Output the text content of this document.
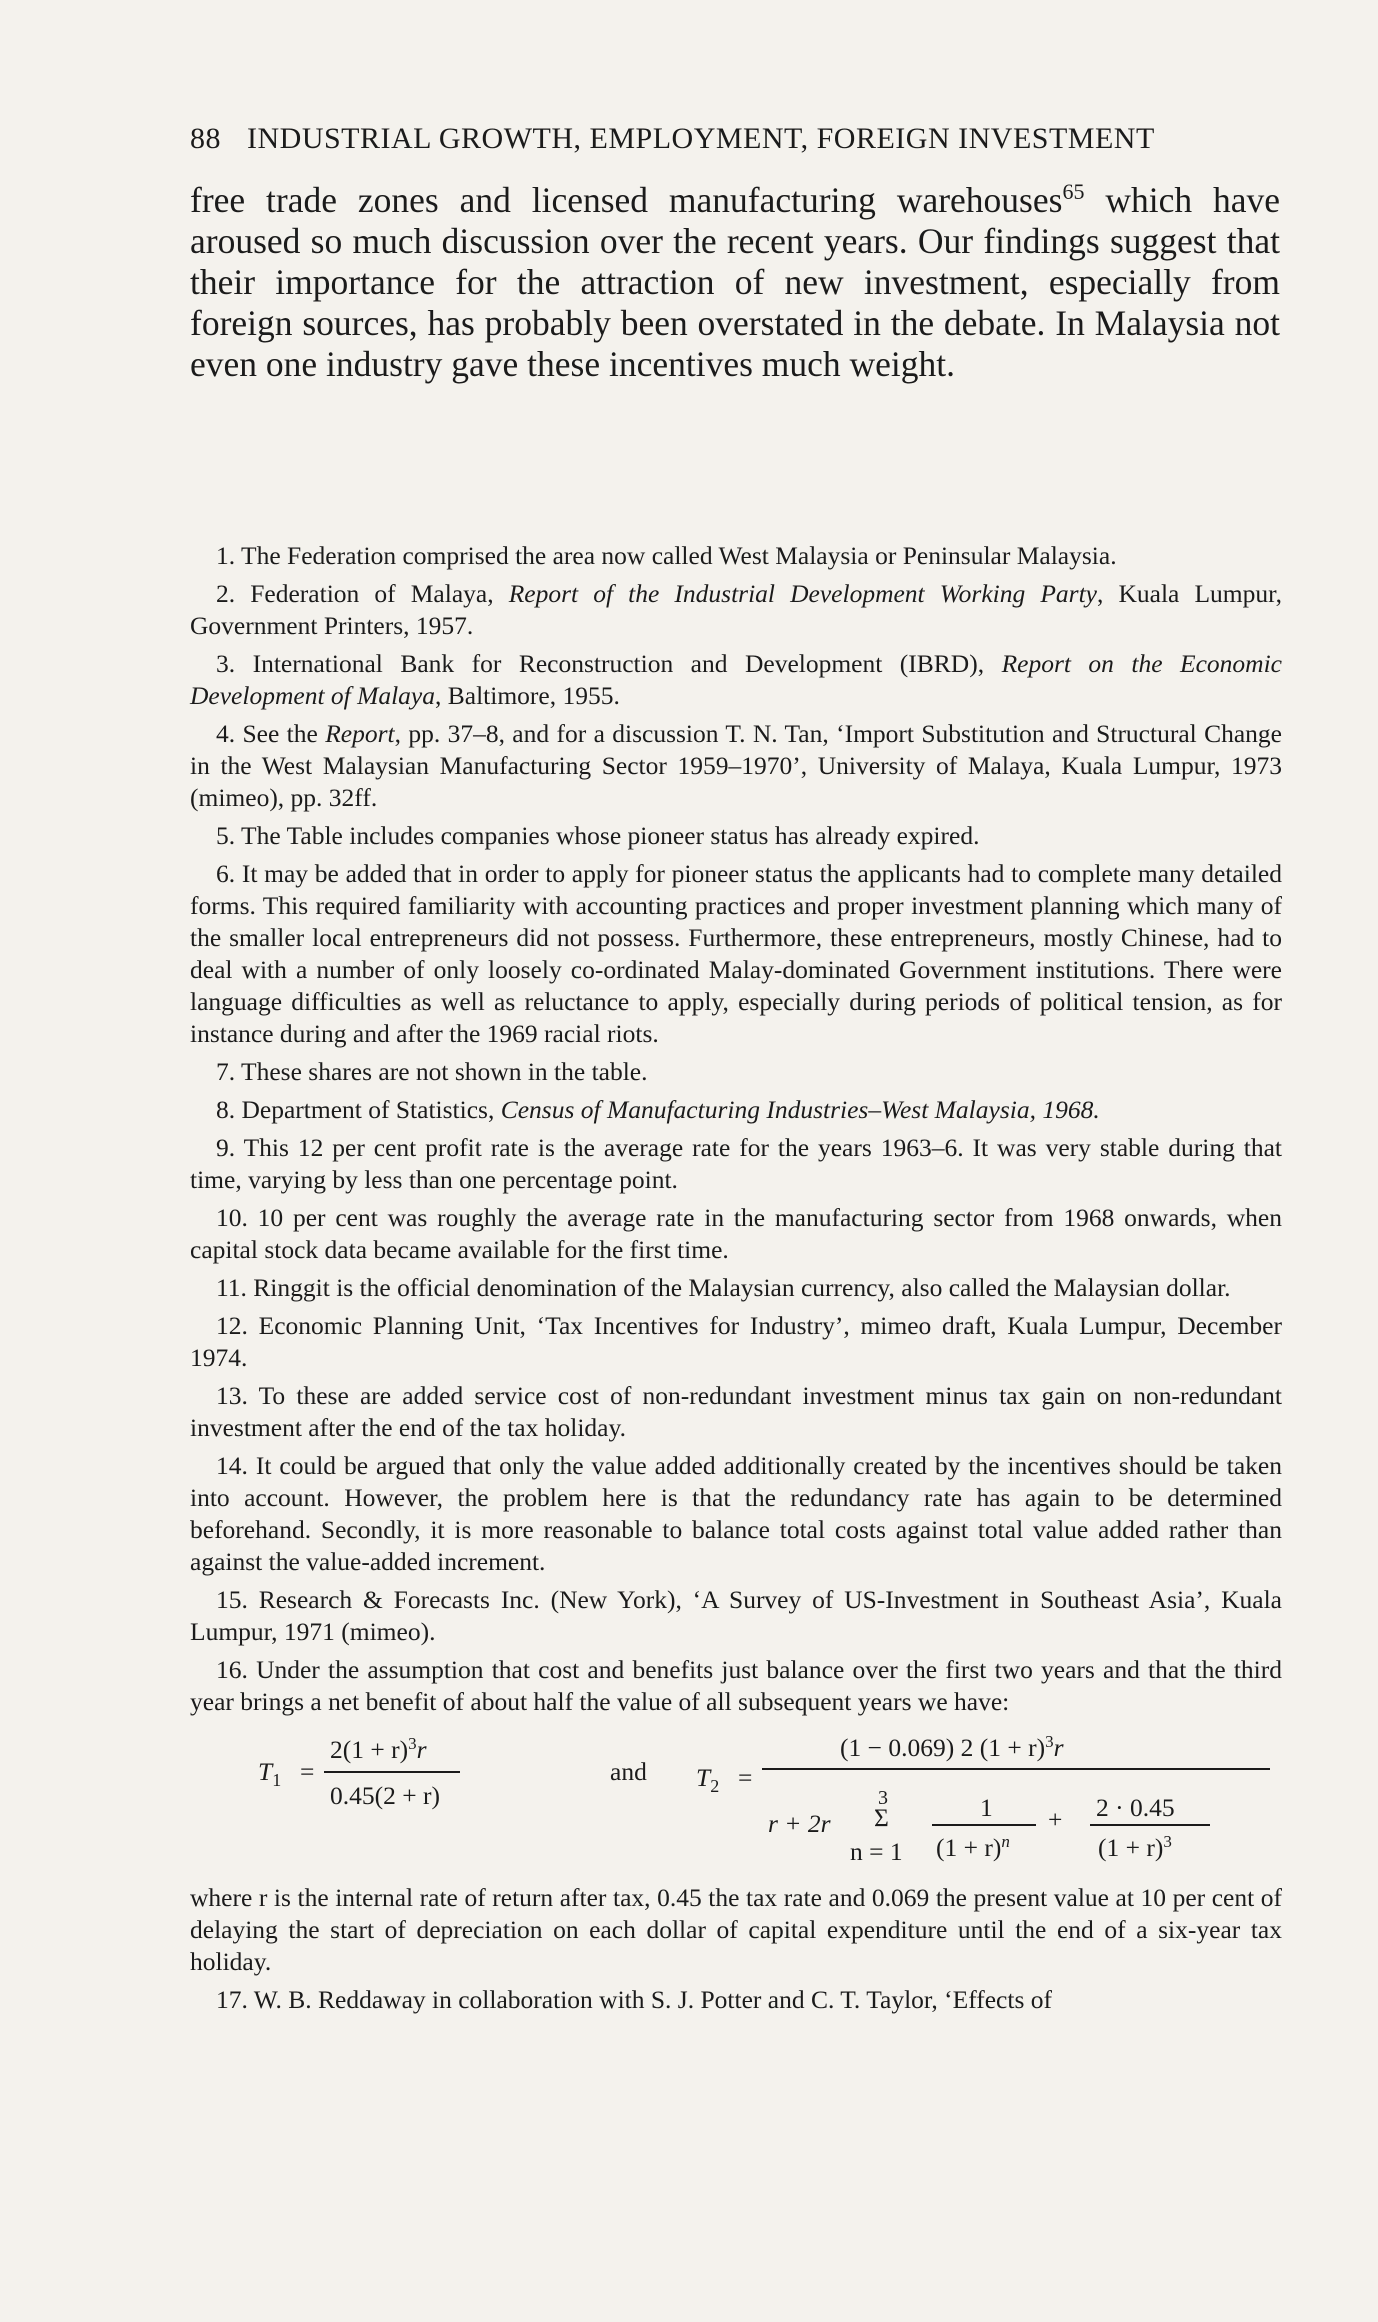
88 INDUSTRIAL GROWTH, EMPLOYMENT, FOREIGN INVESTMENT
free trade zones and licensed manufacturing warehouses$^{65}$ which have aroused so much discussion over the recent years. Our findings suggest that their importance for the attraction of new investment, especially from foreign sources, has probably been overstated in the debate. In Malaysia not even one industry gave these incentives much weight.

1. The Federation comprised the area now called West Malaysia or Peninsular Malaysia.

2. Federation of Malaya, Report of the Industrial Development Working Party, Kuala Lumpur, Government Printers, 1957.

3. International Bank for Reconstruction and Development (IBRD), Report on the Economic Development of Malaya, Baltimore, 1955.

4. See the Report, pp. 37–8, and for a discussion T. N. Tan, ‘Import Substitution and Structural Change in the West Malaysian Manufacturing Sector 1959–1970’, University of Malaya, Kuala Lumpur, 1973 (mimeo), pp. 32ff.

5. The Table includes companies whose pioneer status has already expired.

6. It may be added that in order to apply for pioneer status the applicants had to complete many detailed forms. This required familiarity with accounting practices and proper investment planning which many of the smaller local entrepreneurs did not possess. Furthermore, these entrepreneurs, mostly Chinese, had to deal with a number of only loosely co-ordinated Malay-dominated Government institutions. There were language difficulties as well as reluctance to apply, especially during periods of political tension, as for instance during and after the 1969 racial riots.

7. These shares are not shown in the table.

8. Department of Statistics, Census of Manufacturing Industries–West Malaysia, 1968.

9. This 12 per cent profit rate is the average rate for the years 1963–6. It was very stable during that time, varying by less than one percentage point.

10. 10 per cent was roughly the average rate in the manufacturing sector from 1968 onwards, when capital stock data became available for the first time.

11. Ringgit is the official denomination of the Malaysian currency, also called the Malaysian dollar.

12. Economic Planning Unit, ‘Tax Incentives for Industry’, mimeo draft, Kuala Lumpur, December 1974.

13. To these are added service cost of non-redundant investment minus tax gain on non-redundant investment after the end of the tax holiday.

14. It could be argued that only the value added additionally created by the incentives should be taken into account. However, the problem here is that the redundancy rate has again to be determined beforehand. Secondly, it is more reasonable to balance total costs against total value added rather than against the value-added increment.

15. Research & Forecasts Inc. (New York), ‘A Survey of US-Investment in Southeast Asia’, Kuala Lumpur, 1971 (mimeo).

16. Under the assumption that cost and benefits just balance over the first two years and that the third year brings a net benefit of about half the value of all subsequent years we have:

$T_1$ =
$2(1 + r)^3r$
0.45(2 + r)
and $T_2$ =
(1 − 0.069) 2 $(1 + r)^3r$
r + 2r
3
Σ
n = 1
1
$(1 + r)^n$
+ 2 · 0.45
$(1 + r)^3$

where r is the internal rate of return after tax, 0.45 the tax rate and 0.069 the present value at 10 per cent of delaying the start of depreciation on each dollar of capital expenditure until the end of a six-year tax holiday.

17. W. B. Reddaway in collaboration with S. J. Potter and C. T. Taylor, ‘Effects of
